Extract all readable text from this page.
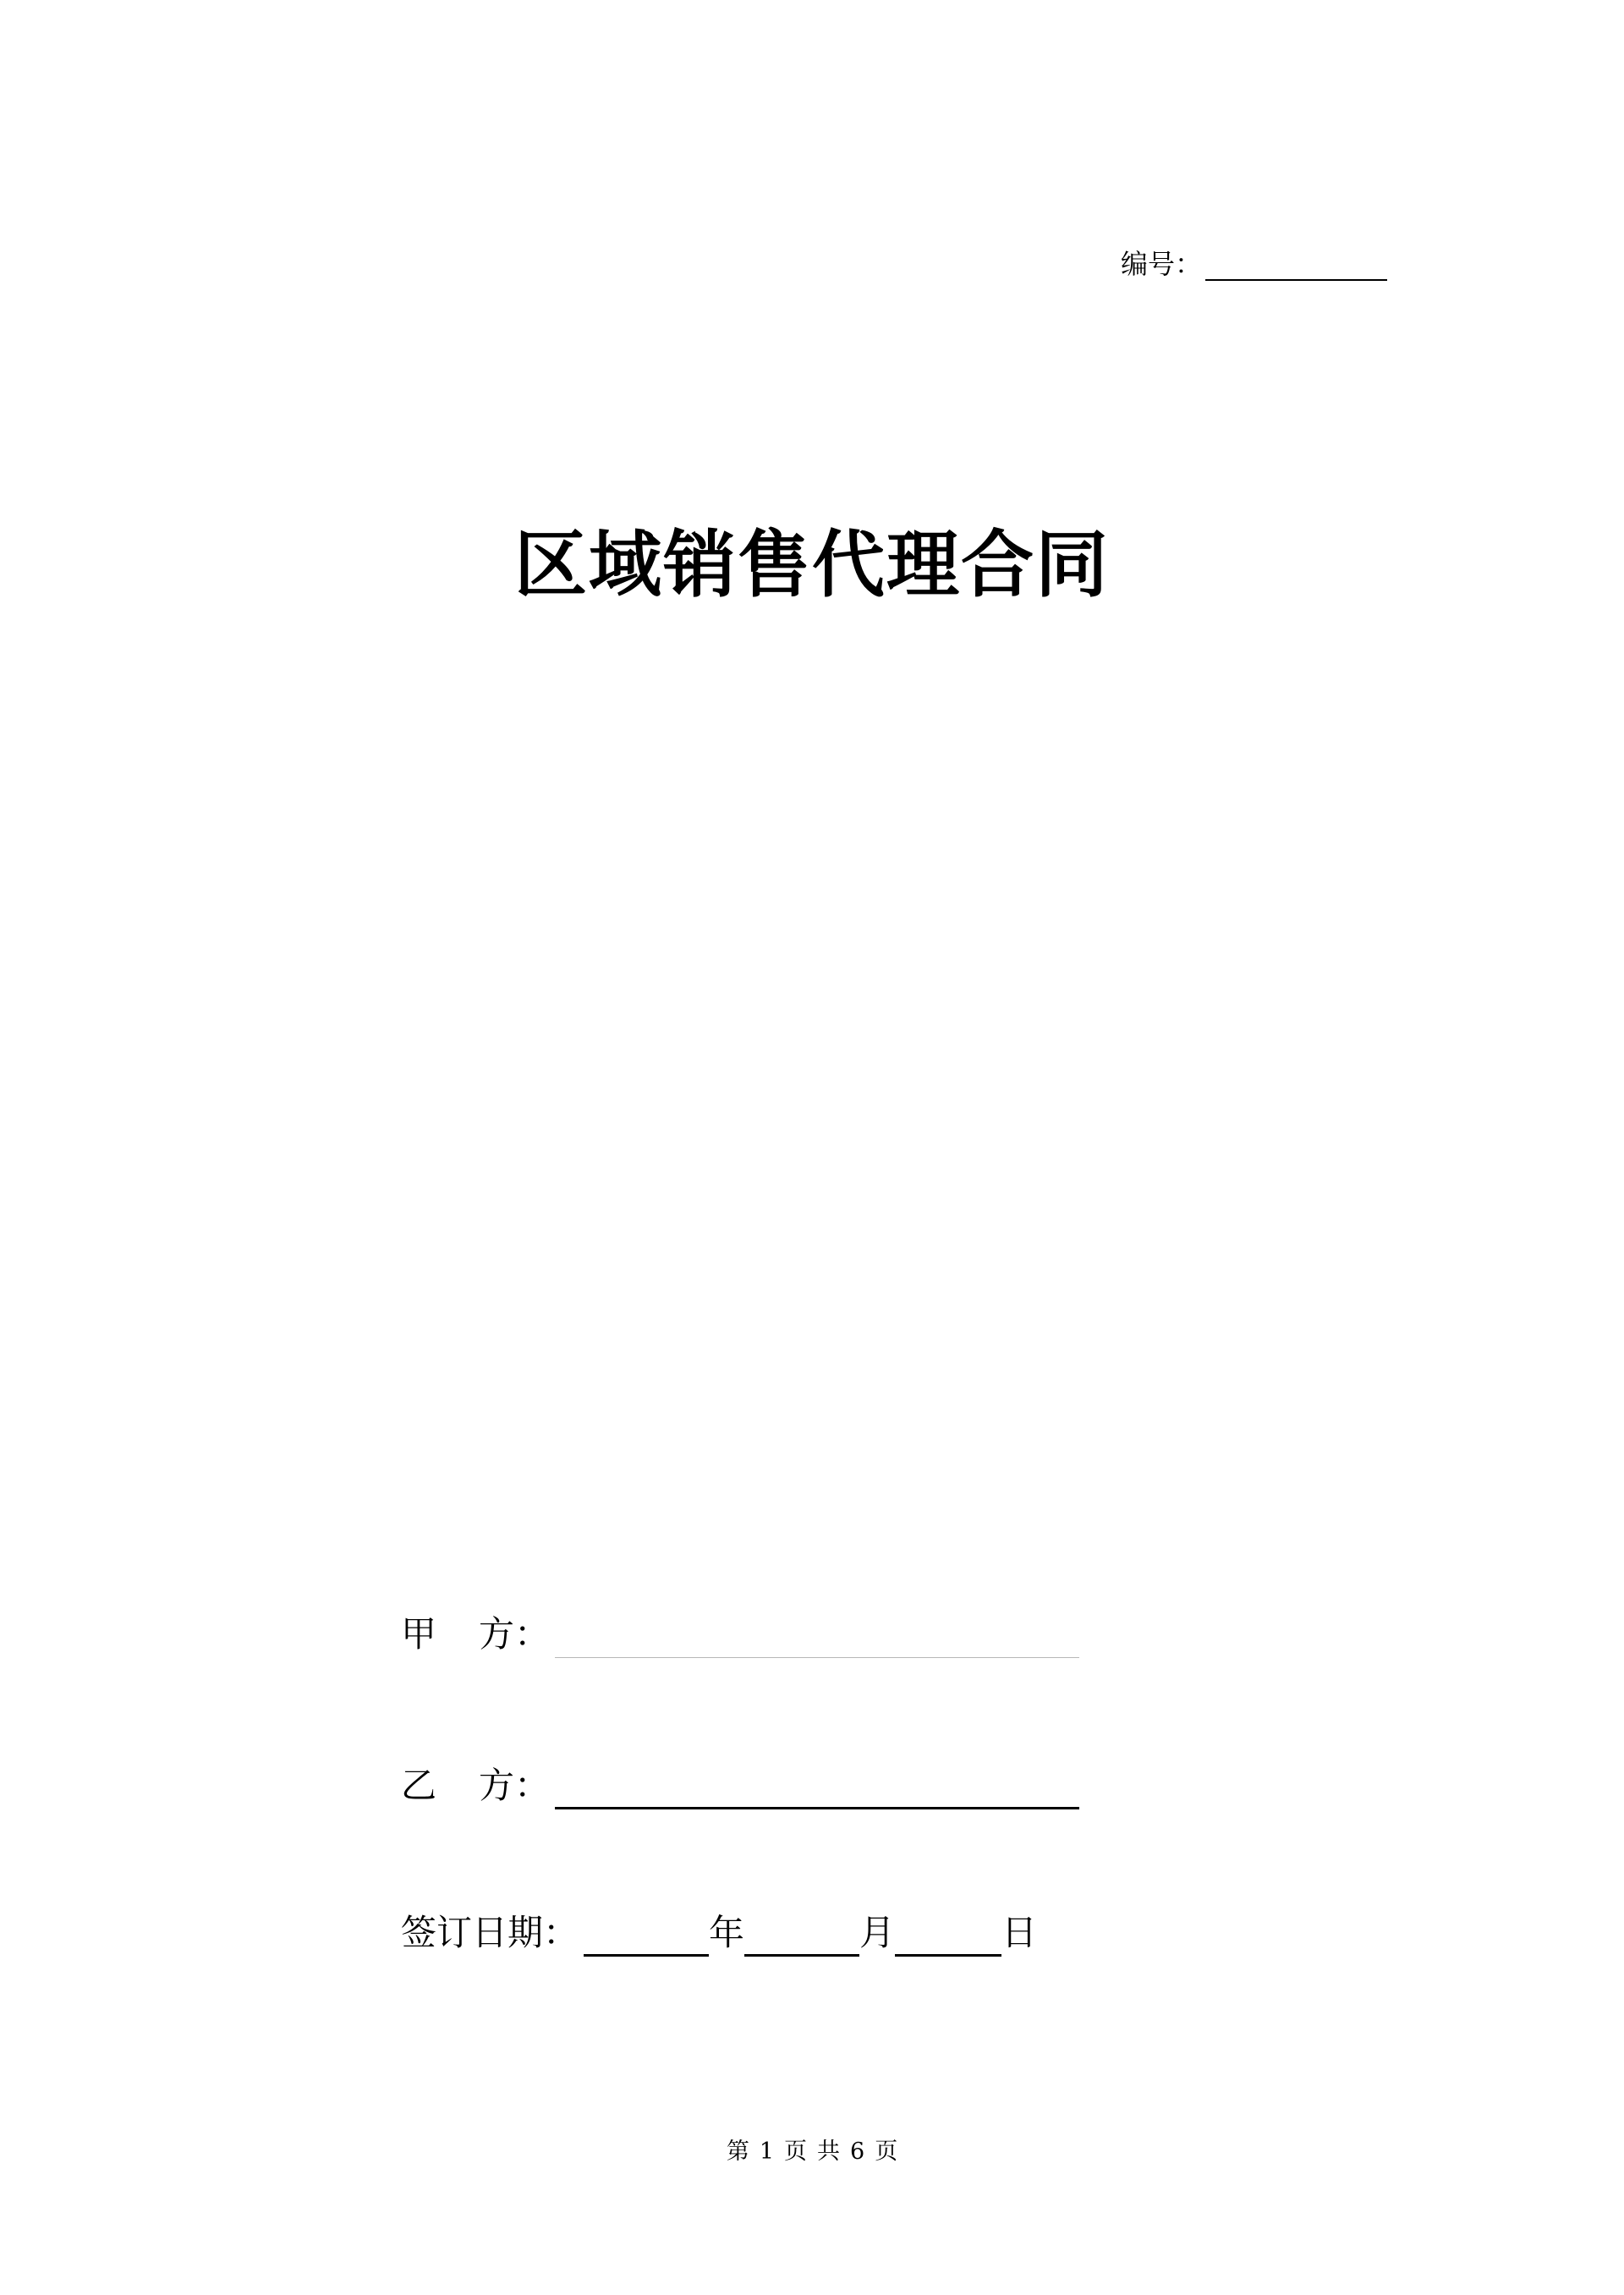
编号：
区域销售代理合同
甲	方：
乙	方：
签订日期：	年	月	日
第 1 页 共 6 页
